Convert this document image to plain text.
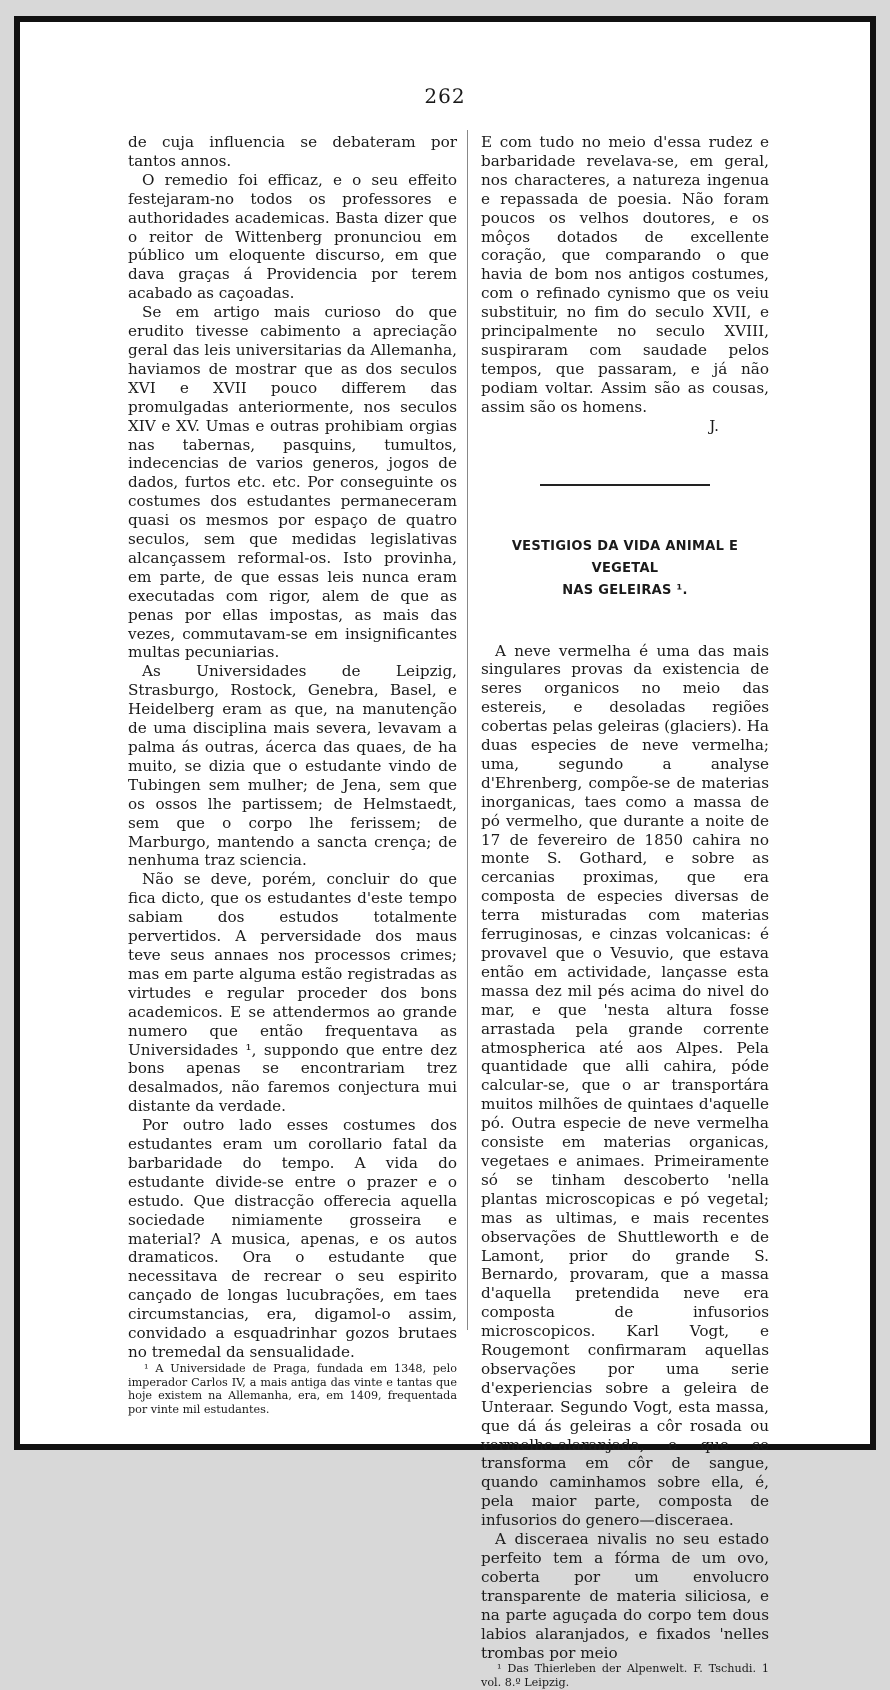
262

de cuja influencia se debateram por tantos annos.

O remedio foi efficaz, e o seu effeito festejaram-no todos os professores e authoridades academicas. Basta dizer que o reitor de Wittenberg pronunciou em público um eloquente discurso, em que dava graças á Providencia por terem acabado as caçoadas.

Se em artigo mais curioso do que erudito tivesse cabimento a apreciação geral das leis universitarias da Allemanha, haviamos de mostrar que as dos seculos XVI e XVII pouco differem das promulgadas anteriormente, nos seculos XIV e XV. Umas e outras prohibiam orgias nas tabernas, pasquins, tumultos, indecencias de varios generos, jogos de dados, furtos etc. etc. Por conseguinte os costumes dos estudantes permaneceram quasi os mesmos por espaço de quatro seculos, sem que medidas legislativas alcançassem reformal-os. Isto provinha, em parte, de que essas leis nunca eram executadas com rigor, alem de que as penas por ellas impostas, as mais das vezes, commutavam-se em insignificantes multas pecuniarias.

As Universidades de Leipzig, Strasburgo, Rostock, Genebra, Basel, e Heidelberg eram as que, na manutenção de uma disciplina mais severa, levavam a palma ás outras, ácerca das quaes, de ha muito, se dizia que o estudante vindo de Tubingen sem mulher; de Jena, sem que os ossos lhe partissem; de Helmstaedt, sem que o corpo lhe ferissem; de Marburgo, mantendo a sancta crença; de nenhuma traz sciencia.

Não se deve, porém, concluir do que fica dicto, que os estudantes d'este tempo sabiam dos estudos totalmente pervertidos. A perversidade dos maus teve seus annaes nos processos crimes; mas em parte alguma estão registradas as virtudes e regular proceder dos bons academicos. E se attendermos ao grande numero que então frequentava as Universidades ¹, suppondo que entre dez bons apenas se encontrariam trez desalmados, não faremos conjectura mui distante da verdade.

Por outro lado esses costumes dos estudantes eram um corollario fatal da barbaridade do tempo. A vida do estudante divide-se entre o prazer e o estudo. Que distracção offerecia aquella sociedade nimiamente grosseira e material? A musica, apenas, e os autos dramaticos. Ora o estudante que necessitava de recrear o seu espirito cançado de longas lucubrações, em taes circumstancias, era, digamol-o assim, convidado a esquadrinhar gozos brutaes no tremedal da sensualidade.

¹ A Universidade de Praga, fundada em 1348, pelo imperador Carlos IV, a mais antiga das vinte e tantas que hoje existem na Allemanha, era, em 1409, frequentada por vinte mil estudantes.

E com tudo no meio d'essa rudez e barbaridade revelava-se, em geral, nos characteres, a natureza ingenua e repassada de poesia. Não foram poucos os velhos doutores, e os môços dotados de excellente coração, que comparando o que havia de bom nos antigos costumes, com o refinado cynismo que os veiu substituir, no fim do seculo XVII, e principalmente no seculo XVIII, suspiraram com saudade pelos tempos, que passaram, e já não podiam voltar. Assim são as cousas, assim são os homens.

J.

VESTIGIOS DA VIDA ANIMAL E VEGETAL
NAS GELEIRAS ¹.

A neve vermelha é uma das mais singulares provas da existencia de seres organicos no meio das estereis, e desoladas regiões cobertas pelas geleiras (glaciers). Ha duas especies de neve vermelha; uma, segundo a analyse d'Ehrenberg, compõe-se de materias inorganicas, taes como a massa de pó vermelho, que durante a noite de 17 de fevereiro de 1850 cahira no monte S. Gothard, e sobre as cercanias proximas, que era composta de especies diversas de terra misturadas com materias ferruginosas, e cinzas volcanicas: é provavel que o Vesuvio, que estava então em actividade, lançasse esta massa dez mil pés acima do nivel do mar, e que 'nesta altura fosse arrastada pela grande corrente atmospherica até aos Alpes. Pela quantidade que alli cahira, póde calcular-se, que o ar transportára muitos milhões de quintaes d'aquelle pó. Outra especie de neve vermelha consiste em materias organicas, vegetaes e animaes. Primeiramente só se tinham descoberto 'nella plantas microscopicas e pó vegetal; mas as ultimas, e mais recentes observações de Shuttleworth e de Lamont, prior do grande S. Bernardo, provaram, que a massa d'aquella pretendida neve era composta de infusorios microscopicos. Karl Vogt, e Rougemont confirmaram aquellas observações por uma serie d'experiencias sobre a geleira de Unteraar. Segundo Vogt, esta massa, que dá ás geleiras a côr rosada ou vermelho-alaranjada, e que se transforma em côr de sangue, quando caminhamos sobre ella, é, pela maior parte, composta de infusorios do genero—disceraea.

A disceraea nivalis no seu estado perfeito tem a fórma de um ovo, coberta por um envolucro transparente de materia siliciosa, e na parte aguçada do corpo tem dous labios alaranjados, e fixados 'nelles trombas por meio

¹ Das Thierleben der Alpenwelt. F. Tschudi. 1 vol. 8.º Leipzig.
